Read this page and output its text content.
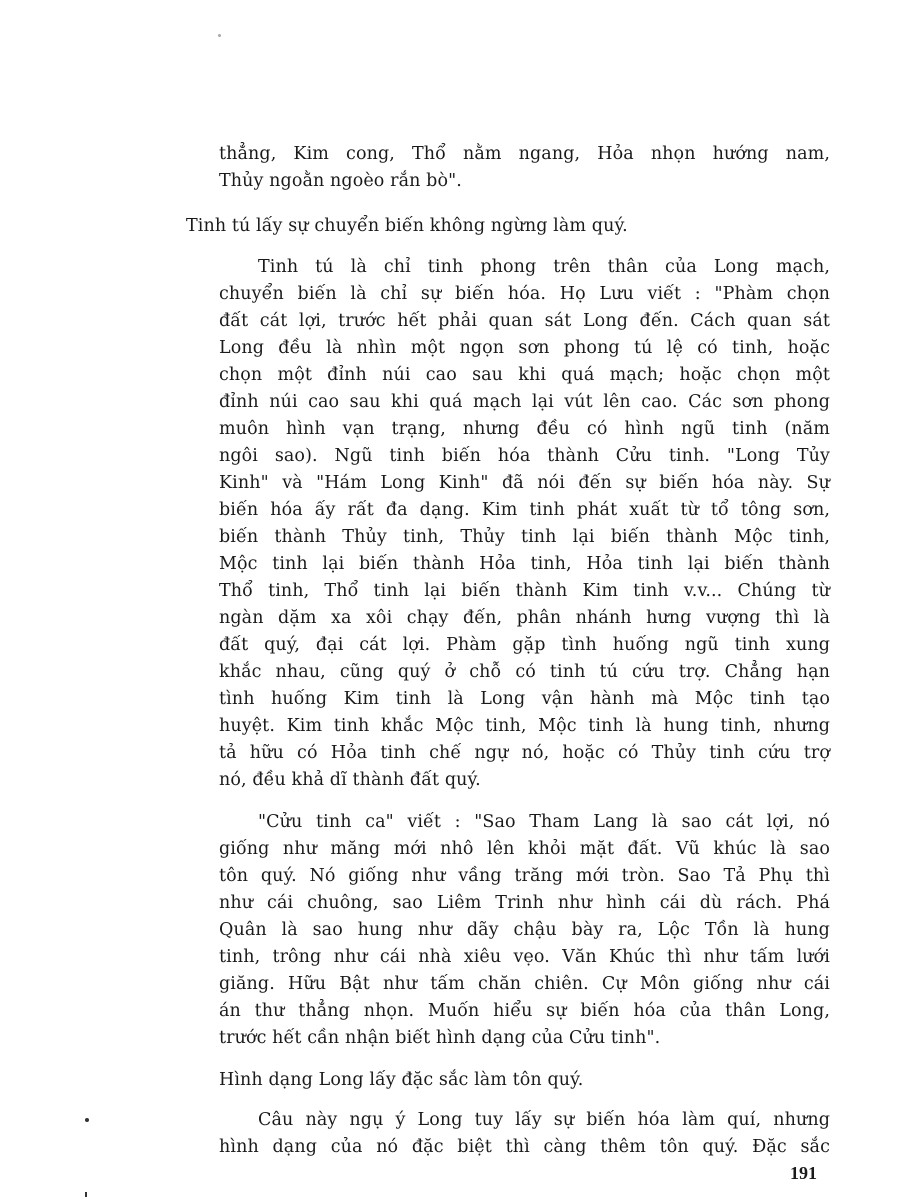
thẳng, Kim cong, Thổ nằm ngang, Hỏa nhọn hướng nam,
Thủy ngoằn ngoèo rắn bò".
Tinh tú lấy sự chuyển biến không ngừng làm quý.
Tinh tú là chỉ tinh phong trên thân của Long mạch,
chuyển biến là chỉ sự biến hóa. Họ Lưu viết : "Phàm chọn
đất cát lợi, trước hết phải quan sát Long đến. Cách quan sát
Long đều là nhìn một ngọn sơn phong tú lệ có tinh, hoặc
chọn một đỉnh núi cao sau khi quá mạch; hoặc chọn một
đỉnh núi cao sau khi quá mạch lại vút lên cao. Các sơn phong
muôn hình vạn trạng, nhưng đều có hình ngũ tinh (năm
ngôi sao). Ngũ tinh biến hóa thành Cửu tinh. "Long Tủy
Kinh" và "Hám Long Kinh" đã nói đến sự biến hóa này. Sự
biến hóa ấy rất đa dạng. Kim tinh phát xuất từ tổ tông sơn,
biến thành Thủy tinh, Thủy tinh lại biến thành Mộc tinh,
Mộc tinh lại biến thành Hỏa tinh, Hỏa tinh lại biến thành
Thổ tinh, Thổ tinh lại biến thành Kim tinh v.v... Chúng từ
ngàn dặm xa xôi chạy đến, phân nhánh hưng vượng thì là
đất quý, đại cát lợi. Phàm gặp tình huống ngũ tinh xung
khắc nhau, cũng quý ở chỗ có tinh tú cứu trợ. Chẳng hạn
tình huống Kim tinh là Long vận hành mà Mộc tinh tạo
huyệt. Kim tinh khắc Mộc tinh, Mộc tinh là hung tinh, nhưng
tả hữu có Hỏa tinh chế ngự nó, hoặc có Thủy tinh cứu trợ
nó, đều khả dĩ thành đất quý.
"Cửu tinh ca" viết : "Sao Tham Lang là sao cát lợi, nó
giống như măng mới nhô lên khỏi mặt đất. Vũ khúc là sao
tôn quý. Nó giống như vầng trăng mới tròn. Sao Tả Phụ thì
như cái chuông, sao Liêm Trinh như hình cái dù rách. Phá
Quân là sao hung như dãy chậu bày ra, Lộc Tồn là hung
tinh, trông như cái nhà xiêu vẹo. Văn Khúc thì như tấm lưới
giăng. Hữu Bật như tấm chăn chiên. Cự Môn giống như cái
án thư thẳng nhọn. Muốn hiểu sự biến hóa của thân Long,
trước hết cần nhận biết hình dạng của Cửu tinh".
Hình dạng Long lấy đặc sắc làm tôn quý.
Câu này ngụ ý Long tuy lấy sự biến hóa làm quí, nhưng
hình dạng của nó đặc biệt thì càng thêm tôn quý. Đặc sắc
191
